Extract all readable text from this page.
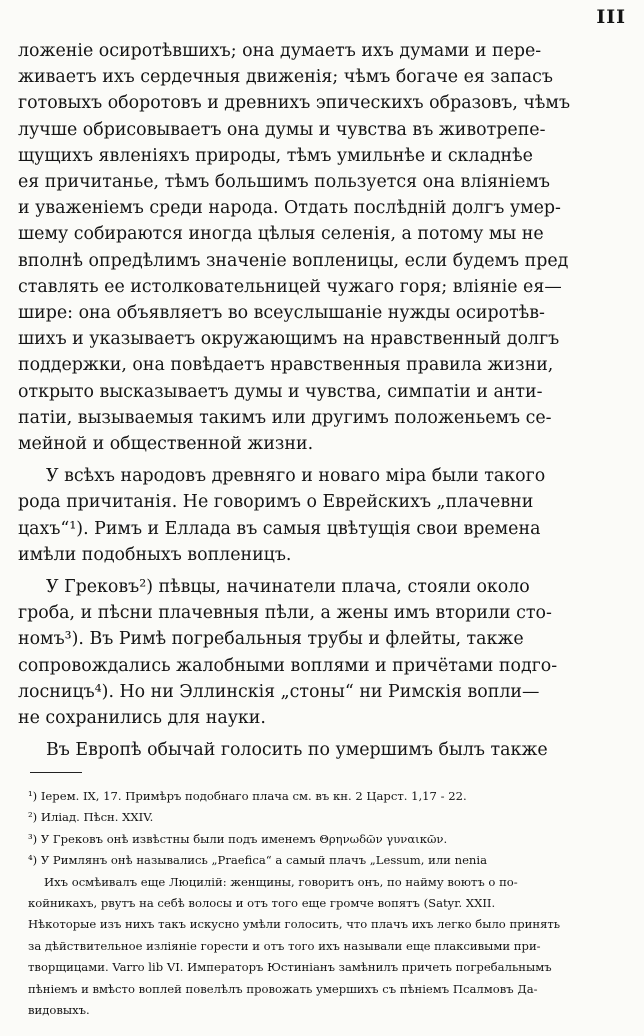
III

ложеніе осиротѣвшихъ; она думаетъ ихъ думами и пере-
живаетъ ихъ сердечныя движенія; чѣмъ богаче ея запасъ
готовыхъ оборотовъ и древнихъ эпическихъ образовъ, чѣмъ
лучше обрисовываетъ она думы и чувства въ животрепе-
щущихъ явленіяхъ природы, тѣмъ умильнѣе и складнѣе
ея причитанье, тѣмъ большимъ пользуется она вліяніемъ
и уваженіемъ среди народа. Отдать послѣдній долгъ умер-
шему собираются иногда цѣлыя селенія, а потому мы не
вполнѣ опредѣлимъ значеніе вопленицы, если будемъ пред
ставлять ее истолковательницей чужаго горя; вліяніе ея—
шире: она объявляетъ во всеуслышаніе нужды осиротѣв-
шихъ и указываетъ окружающимъ на нравственный долгъ
поддержки, она повѣдаетъ нравственныя правила жизни,
открыто высказываетъ думы и чувства, симпатіи и анти-
патіи, вызываемыя такимъ или другимъ положеньемъ се-
мейной и общественной жизни.

У всѣхъ народовъ древняго и новаго міра были такого
рода причитанія. Не говоримъ о Еврейскихъ „плачевни
цахъ“¹). Римъ и Еллада въ самыя цвѣтущія свои времена
имѣли подобныхъ вопленицъ.

У Грековъ²) пѣвцы, начинатели плача, стояли около
гроба, и пѣсни плачевныя пѣли, а жены имъ вторили сто-
номъ³). Въ Римѣ погребальныя трубы и флейты, также
сопровождались жалобными воплями и причётами подго-
лосницъ⁴). Но ни Эллинскія „стоны“ ни Римскія вопли—
не сохранились для науки.

Въ Европѣ обычай голосить по умершимъ былъ также

¹) Іерем. IX, 17. Примѣръ подобнаго плача см. въ кн. 2 Царст. 1,17 - 22.
²) Иліад. Пѣсн. XXIV.
³) У Грековъ онѣ извѣстны были подъ именемъ Θρηνωδῶν γυναικῶν.
⁴) У Римлянъ онѣ назывались „Praefica“ а самый плачъ „Lessum, или nenia
Ихъ осмѣивалъ еще Люцилій: женщины, говоритъ онъ, по найму воютъ о по-
койникахъ, рвутъ на себѣ волосы и отъ того еще громче вопятъ (Satyr. XXII.
Нѣкоторые изъ нихъ такъ искусно умѣли голосить, что плачъ ихъ легко было принять
за дѣйствительное изліяніе горести и отъ того ихъ называли еще плаксивыми при-
творщицами. Varro lib VI. Императоръ Юстиніанъ замѣнилъ причеть погребальнымъ
пѣніемъ и вмѣсто воплей повелѣлъ провожать умершихъ съ пѣніемъ Псалмовъ Да-
видовыхъ.
